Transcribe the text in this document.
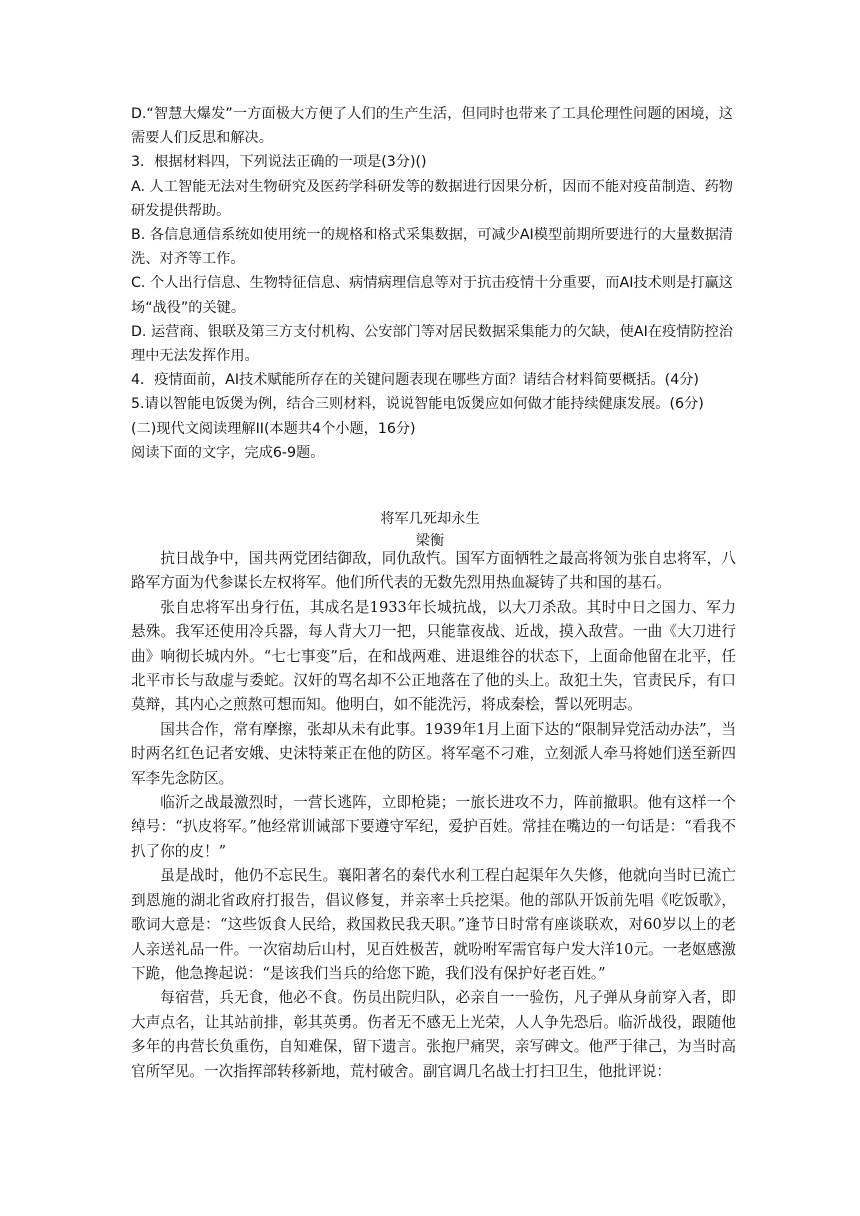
D.“智慧大爆发”一方面极大方便了人们的生产生活，但同时也带来了工具伦理性问题的困境，这需要人们反思和解决。

3．根据材料四，下列说法正确的一项是(3分)()

A. 人工智能无法对生物研究及医药学科研发等的数据进行因果分析，因而不能对疫苗制造、药物研发提供帮助。

B. 各信息通信系统如使用统一的规格和格式采集数据，可减少AI模型前期所要进行的大量数据清洗、对齐等工作。

C. 个人出行信息、生物特征信息、病情病理信息等对于抗击疫情十分重要，而AI技术则是打赢这场“战役”的关键。

D. 运营商、银联及第三方支付机构、公安部门等对居民数据采集能力的欠缺，使AI在疫情防控治理中无法发挥作用。

4．疫情面前，AI技术赋能所存在的关键问题表现在哪些方面？请结合材料简要概括。(4分)

5.请以智能电饭煲为例，结合三则材料，说说智能电饭煲应如何做才能持续健康发展。(6分)

(二)现代文阅读理解II(本题共4个小题，16分)

阅读下面的文字，完成6-9题。

将军几死却永生
梁衡

抗日战争中，国共两党团结御敌，同仇敌忾。国军方面牺牲之最高将领为张自忠将军，八路军方面为代参谋长左权将军。他们所代表的无数先烈用热血凝铸了共和国的基石。

张自忠将军出身行伍，其成名是1933年长城抗战，以大刀杀敌。其时中日之国力、军力悬殊。我军还使用冷兵器，每人背大刀一把，只能靠夜战、近战，摸入敌营。一曲《大刀进行曲》响彻长城内外。“七七事变”后，在和战两难、进退维谷的状态下，上面命他留在北平，任北平市长与敌虚与委蛇。汉奸的骂名却不公正地落在了他的头上。敌犯土失，官责民斥，有口莫辩，其内心之煎熬可想而知。他明白，如不能洗污，将成秦桧，誓以死明志。

国共合作，常有摩擦，张却从未有此事。1939年1月上面下达的“限制异党活动办法”，当时两名红色记者安娥、史沫特莱正在他的防区。将军毫不刁难，立刻派人牵马将她们送至新四军李先念防区。

临沂之战最激烈时，一营长逃阵，立即枪毙；一旅长进攻不力，阵前撤职。他有这样一个绰号：“扒皮将军。”他经常训诫部下要遵守军纪，爱护百姓。常挂在嘴边的一句话是：“看我不扒了你的皮！”

虽是战时，他仍不忘民生。襄阳著名的秦代水利工程白起渠年久失修，他就向当时已流亡到恩施的湖北省政府打报告，倡议修复，并亲率士兵挖渠。他的部队开饭前先唱《吃饭歌》，歌词大意是：“这些饭食人民给，救国救民我天职。”逢节日时常有座谈联欢，对60岁以上的老人亲送礼品一件。一次宿劫后山村，见百姓极苦，就吩咐军需官每户发大洋10元。一老妪感激下跪，他急搀起说：“是该我们当兵的给您下跪，我们没有保护好老百姓。”

每宿营，兵无食，他必不食。伤员出院归队，必亲自一一验伤，凡子弹从身前穿入者，即大声点名，让其站前排，彰其英勇。伤者无不感无上光荣，人人争先恐后。临沂战役，跟随他多年的冉营长负重伤，自知难保，留下遗言。张抱尸痛哭，亲写碑文。他严于律己，为当时高官所罕见。一次指挥部转移新地，荒村破舍。副官调几名战士打扫卫生，他批评说：
